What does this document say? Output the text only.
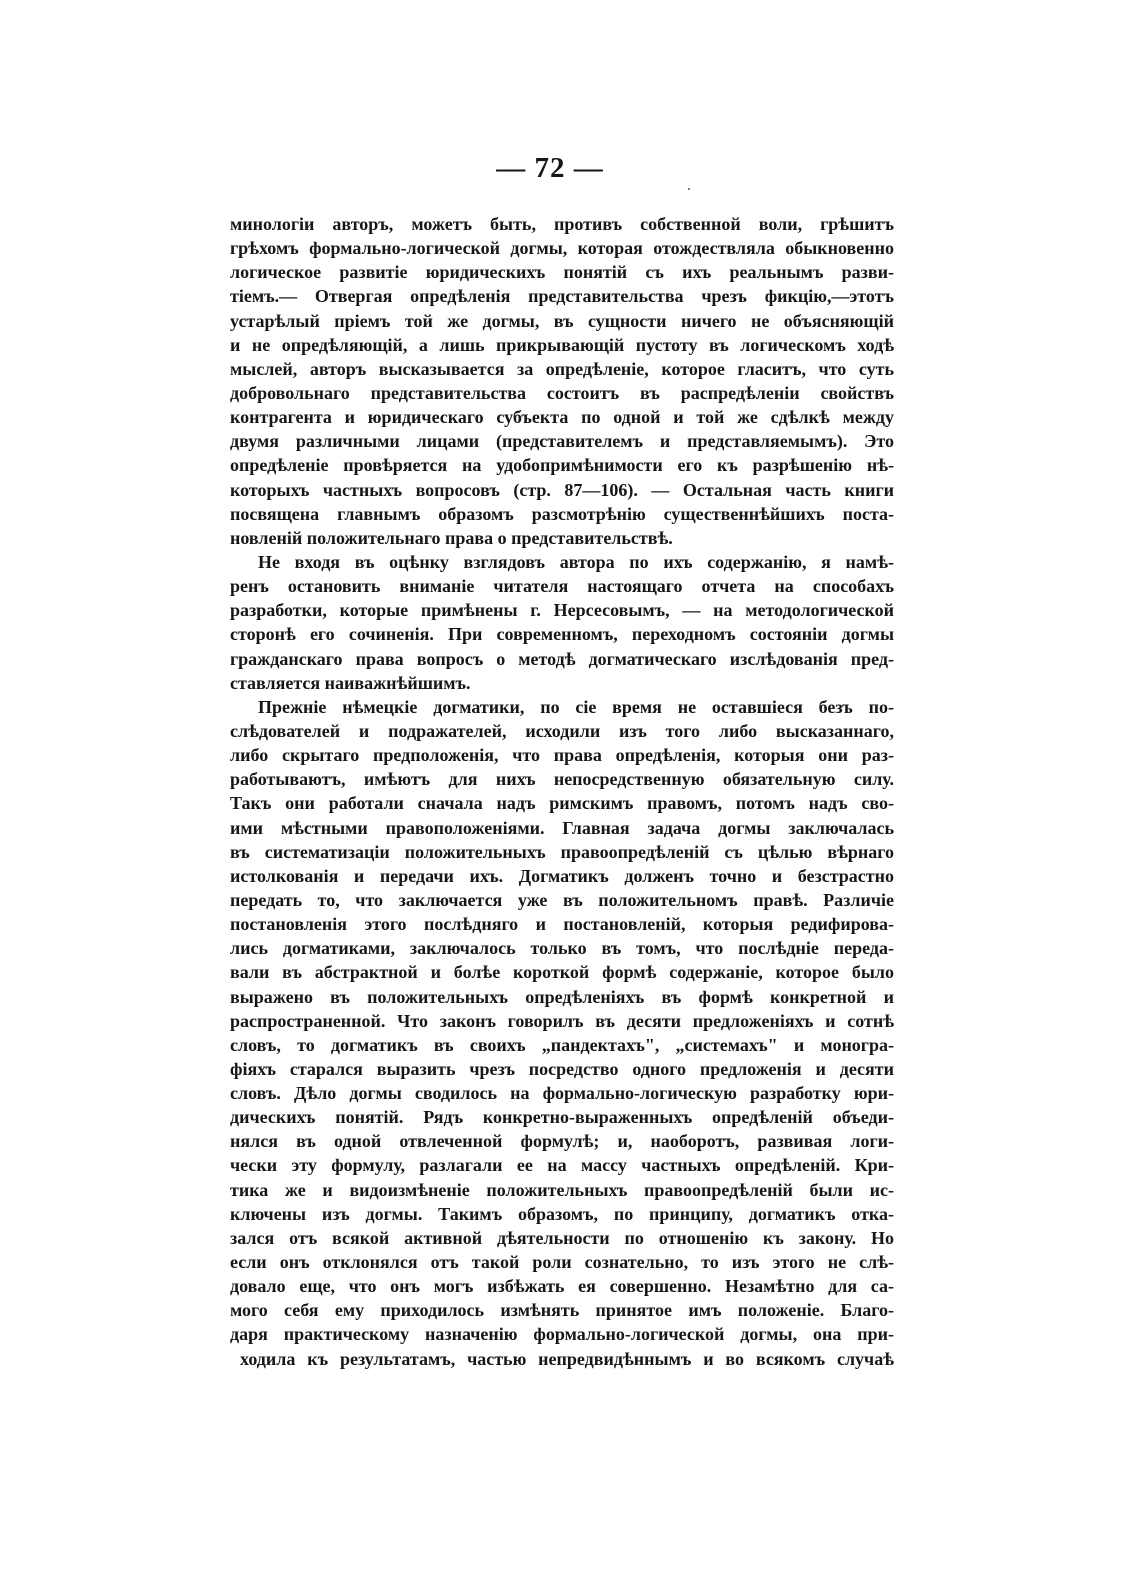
— 72 —
минологіи авторъ, можетъ быть, противъ собственной воли, грѣшитъ
грѣхомъ формально-логической догмы, которая отождествляла обыкновенно
логическое развитіе юридическихъ понятій съ ихъ реальнымъ разви-
тіемъ.— Отвергая опредѣленія представительства чрезъ фикцію,—этотъ
устарѣлый пріемъ той же догмы, въ сущности ничего не объясняющій
и не опредѣляющій, а лишь прикрывающій пустоту въ логическомъ ходѣ
мыслей, авторъ высказывается за опредѣленіе, которое гласитъ, что суть
добровольнаго представительства состоитъ въ распредѣленіи свойствъ
контрагента и юридическаго субъекта по одной и той же сдѣлкѣ между
двумя различными лицами (представителемъ и представляемымъ). Это
опредѣленіе провѣряется на удобопримѣнимости его къ разрѣшенію нѣ-
которыхъ частныхъ вопросовъ (стр. 87—106). — Остальная часть книги
посвящена главнымъ образомъ разсмотрѣнію существеннѣйшихъ поста-
новленій положительнаго права о представительствѣ.
Не входя въ оцѣнку взглядовъ автора по ихъ содержанію, я намѣ-
ренъ остановить вниманіе читателя настоящаго отчета на способахъ
разработки, которые примѣнены г. Нерсесовымъ, — на методологической
сторонѣ его сочиненія. При современномъ, переходномъ состояніи догмы
гражданскаго права вопросъ о методѣ догматическаго изслѣдованія пред-
ставляется наиважнѣйшимъ.
Прежніе нѣмецкіе догматики, по сіе время не оставшіеся безъ по-
слѣдователей и подражателей, исходили изъ того либо высказаннаго,
либо скрытаго предположенія, что права опредѣленія, которыя они раз-
работываютъ, имѣютъ для нихъ непосредственную обязательную силу.
Такъ они работали сначала надъ римскимъ правомъ, потомъ надъ сво-
ими мѣстными правоположеніями. Главная задача догмы заключалась
въ систематизаціи положительныхъ правоопредѣленій съ цѣлью вѣрнаго
истолкованія и передачи ихъ. Догматикъ долженъ точно и безстрастно
передать то, что заключается уже въ положительномъ правѣ. Различіе
постановленія этого послѣдняго и постановленій, которыя редифирова-
лись догматиками, заключалось только въ томъ, что послѣдніе переда-
вали въ абстрактной и болѣе короткой формѣ содержаніе, которое было
выражено въ положительныхъ опредѣленіяхъ въ формѣ конкретной и
распространенной. Что законъ говорилъ въ десяти предложеніяхъ и сотнѣ
словъ, то догматикъ въ своихъ „пандектахъ", „системахъ" и моногра-
фіяхъ старался выразить чрезъ посредство одного предложенія и десяти
словъ. Дѣло догмы сводилось на формально-логическую разработку юри-
дическихъ понятій. Рядъ конкретно-выраженныхъ опредѣленій объеди-
нялся въ одной отвлеченной формулѣ; и, наоборотъ, развивая логи-
чески эту формулу, разлагали ее на массу частныхъ опредѣленій. Кри-
тика же и видоизмѣненіе положительныхъ правоопредѣленій были ис-
ключены изъ догмы. Такимъ образомъ, по принципу, догматикъ отка-
зался отъ всякой активной дѣятельности по отношенію къ закону. Но
если онъ отклонялся отъ такой роли сознательно, то изъ этого не слѣ-
довало еще, что онъ могъ избѣжать ея совершенно. Незамѣтно для са-
мого себя ему приходилось измѣнять принятое имъ положеніе. Благо-
даря практическому назначенію формально-логической догмы, она при-
ходила къ результатамъ, частью непредвидѣннымъ и во всякомъ случаѣ
